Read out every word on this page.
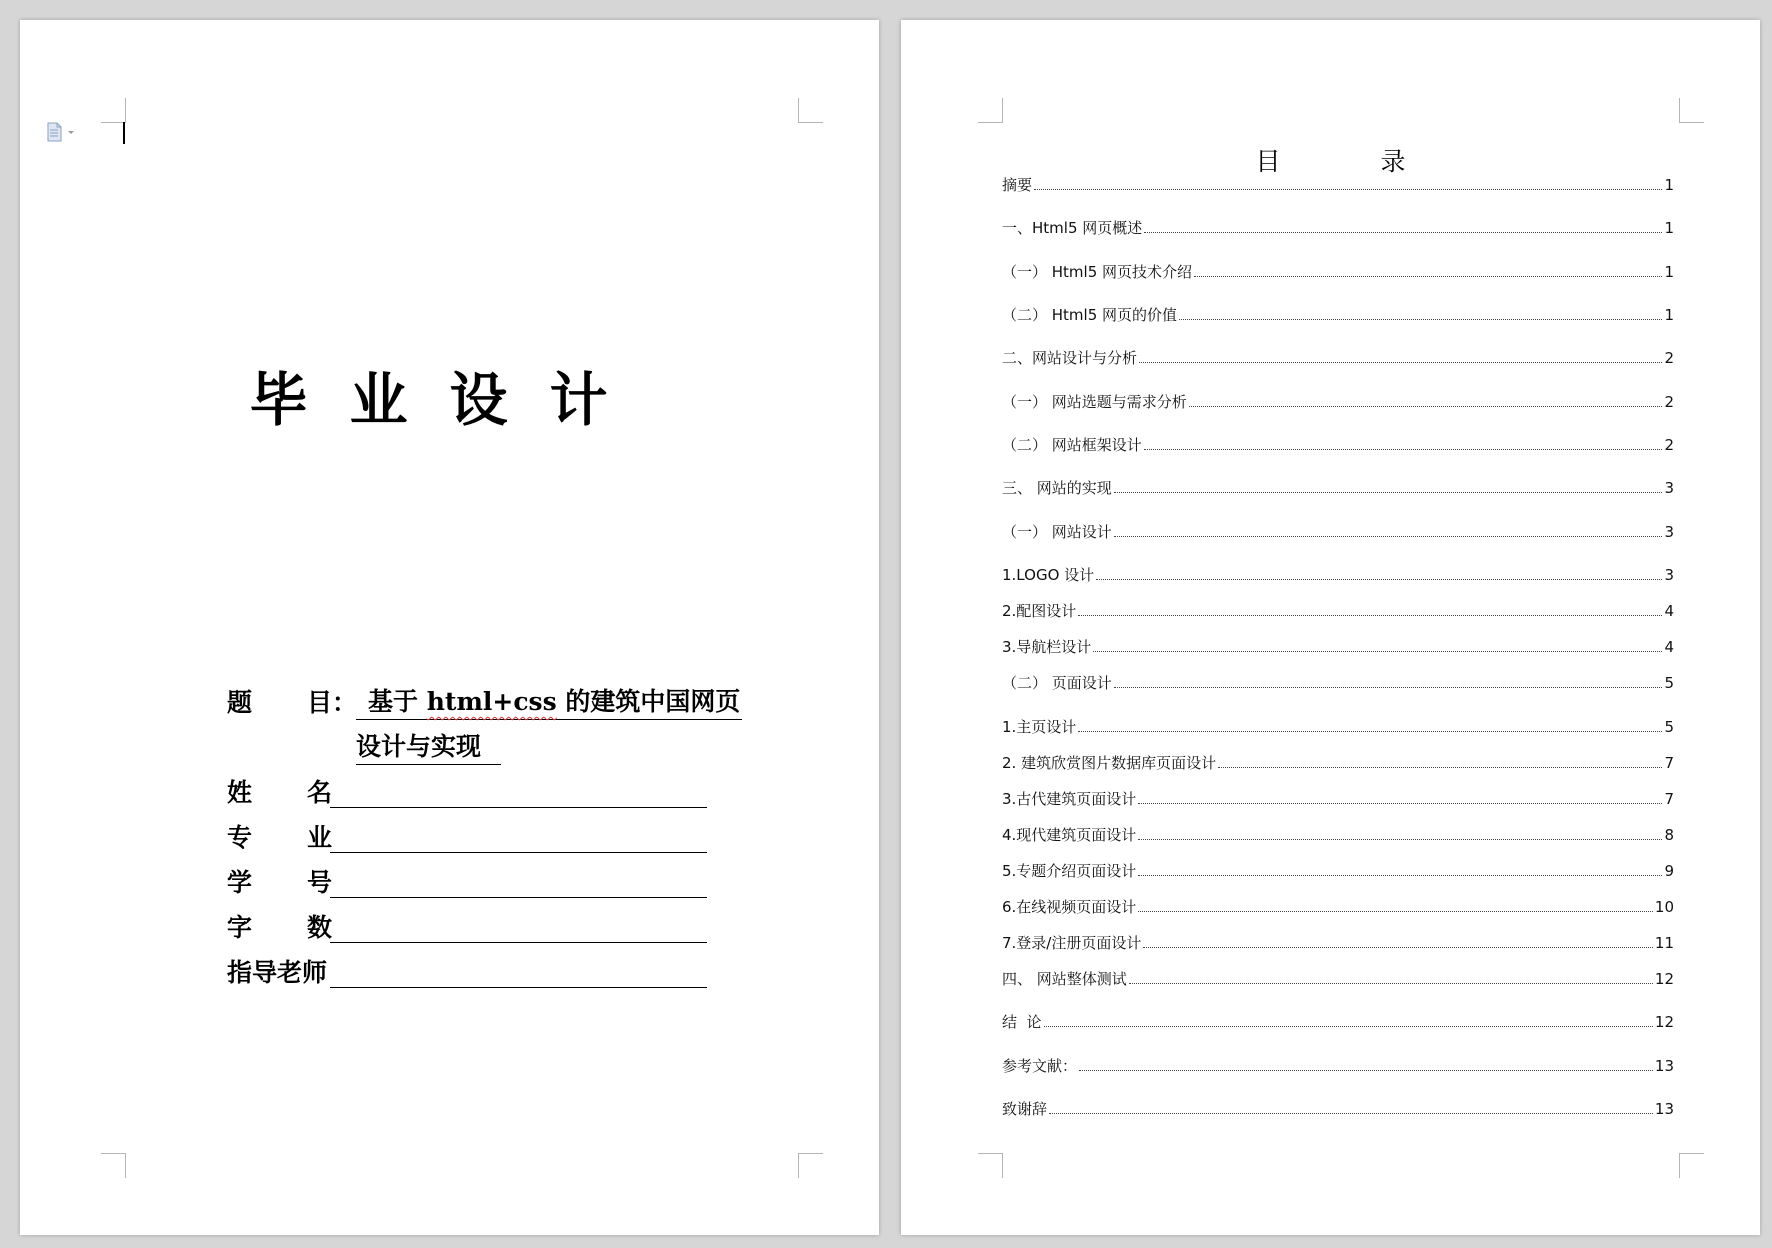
毕业设计
题 目： 基于 html+css 的建筑中国网页
设计与实现
姓 名
专 业
学 号
字 数
指导老师
目	录
摘要	1
一、Html5 网页概述	1
（一） Html5 网页技术介绍	1
（二） Html5 网页的价值	1
二、网站设计与分析	2
（一） 网站选题与需求分析	2
（二） 网站框架设计	2
三、 网站的实现	3
（一） 网站设计	3
1.LOGO 设计	3
2.配图设计	4
3.导航栏设计	4
（二） 页面设计	5
1.主页设计	5
2. 建筑欣赏图片数据库页面设计	7
3.古代建筑页面设计	7
4.现代建筑页面设计	8
5.专题介绍页面设计	9
6.在线视频页面设计	10
7.登录/注册页面设计	11
四、 网站整体测试	12
结  论	12
参考文献：	13
致谢辞	13
